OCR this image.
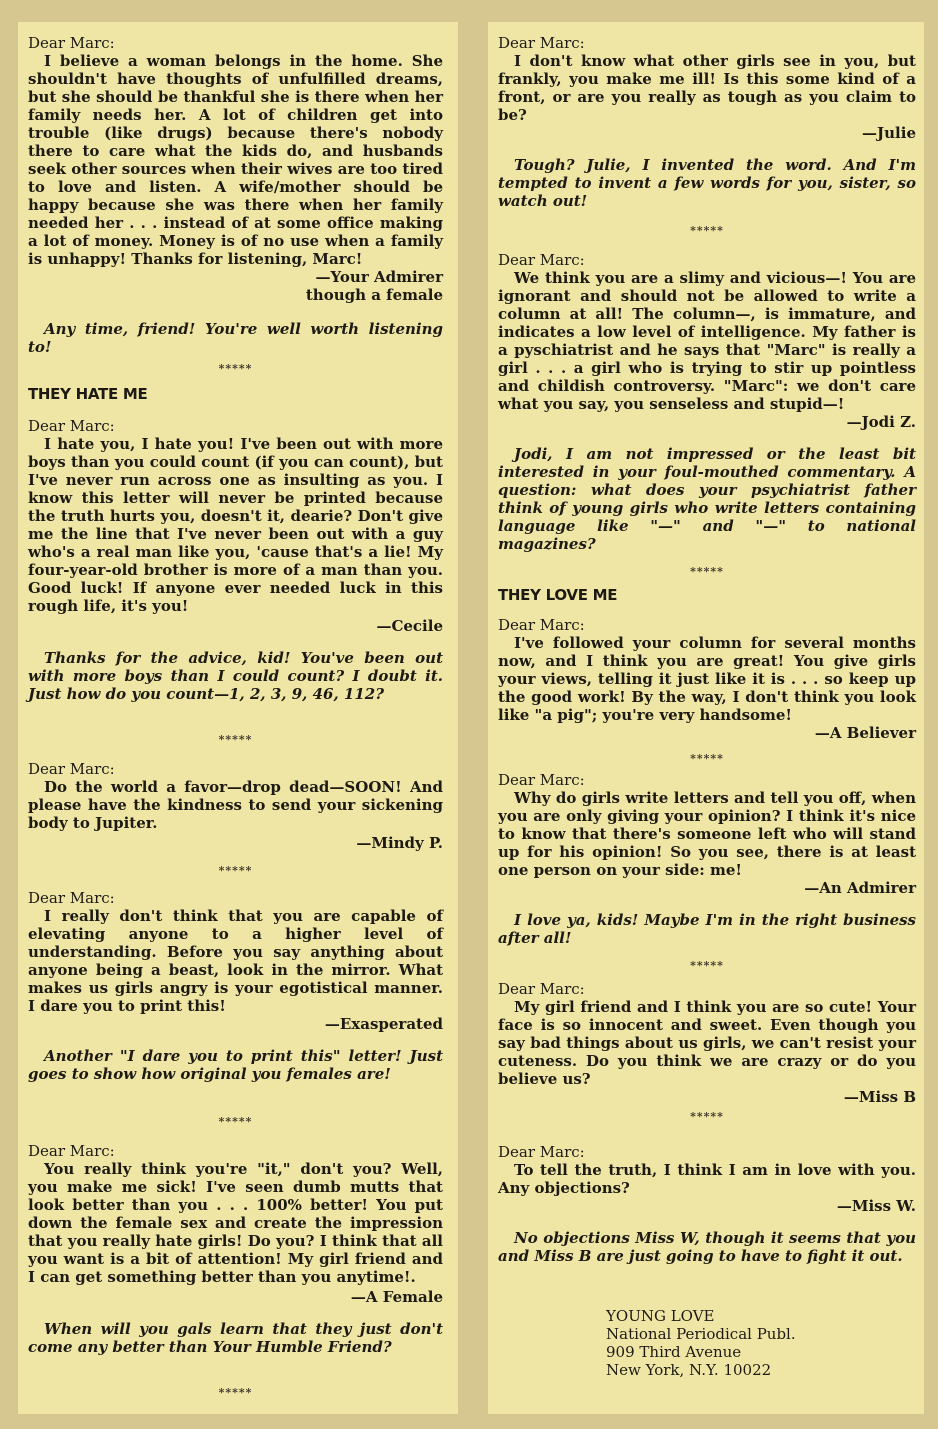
Dear Marc:

I believe a woman belongs in the home. She shouldn't have thoughts of unfulfilled dreams, but she should be thankful she is there when her family needs her. A lot of children get into trouble (like drugs) because there's nobody there to care what the kids do, and husbands seek other sources when their wives are too tired to love and listen. A wife/mother should be happy because she was there when her family needed her . . . instead of at some office making a lot of money. Money is of no use when a family is unhappy! Thanks for listening, Marc!

—Your Admirer
though a female

Any time, friend! You're well worth listening to!

*****
THEY HATE ME
Dear Marc:

I hate you, I hate you! I've been out with more boys than you could count (if you can count), but I've never run across one as insulting as you. I know this letter will never be printed because the truth hurts you, doesn't it, dearie? Don't give me the line that I've never been out with a guy who's a real man like you, 'cause that's a lie! My four-year-old brother is more of a man than you. Good luck! If anyone ever needed luck in this rough life, it's you!

—Cecile

Thanks for the advice, kid! You've been out with more boys than I could count? I doubt it. Just how do you count—1, 2, 3, 9, 46, 112?

*****
Dear Marc:

Do the world a favor—drop dead—SOON! And please have the kindness to send your sickening body to Jupiter.

—Mindy P.
*****
Dear Marc:

I really don't think that you are capable of elevating anyone to a higher level of understanding. Before you say anything about anyone being a beast, look in the mirror. What makes us girls angry is your egotistical manner. I dare you to print this!

—Exasperated

Another "I dare you to print this" letter! Just goes to show how original you females are!

*****
Dear Marc:

You really think you're "it," don't you? Well, you make me sick! I've seen dumb mutts that look better than you . . . 100% better! You put down the female sex and create the impression that you really hate girls! Do you? I think that all you want is a bit of attention! My girl friend and I can get something better than you anytime!.

—A Female

When will you gals learn that they just don't come any better than Your Humble Friend?

*****
Dear Marc:

I don't know what other girls see in you, but frankly, you make me ill! Is this some kind of a front, or are you really as tough as you claim to be?

—Julie

Tough? Julie, I invented the word. And I'm tempted to invent a few words for you, sister, so watch out!

*****
Dear Marc:

We think you are a slimy and vicious—! You are ignorant and should not be allowed to write a column at all! The column—, is immature, and indicates a low level of intelligence. My father is a pyschiatrist and he says that "Marc" is really a girl . . . a girl who is trying to stir up pointless and childish controversy. "Marc": we don't care what you say, you senseless and stupid—!

—Jodi Z.

Jodi, I am not impressed or the least bit interested in your foul-mouthed commentary. A question: what does your psychiatrist father think of young girls who write letters containing language like "—" and "—" to national magazines?

*****
THEY LOVE ME
Dear Marc:

I've followed your column for several months now, and I think you are great! You give girls your views, telling it just like it is . . . so keep up the good work! By the way, I don't think you look like "a pig"; you're very handsome!

—A Believer
*****
Dear Marc:

Why do girls write letters and tell you off, when you are only giving your opinion? I think it's nice to know that there's someone left who will stand up for his opinion! So you see, there is at least one person on your side: me!

—An Admirer

I love ya, kids! Maybe I'm in the right business after all!

*****
Dear Marc:

My girl friend and I think you are so cute! Your face is so innocent and sweet. Even though you say bad things about us girls, we can't resist your cuteness. Do you think we are crazy or do you believe us?

—Miss B
*****
Dear Marc:

To tell the truth, I think I am in love with you. Any objections?

—Miss W.

No objections Miss W, though it seems that you and Miss B are just going to have to fight it out.

YOUNG LOVE
National Periodical Publ.
909 Third Avenue
New York, N.Y. 10022
